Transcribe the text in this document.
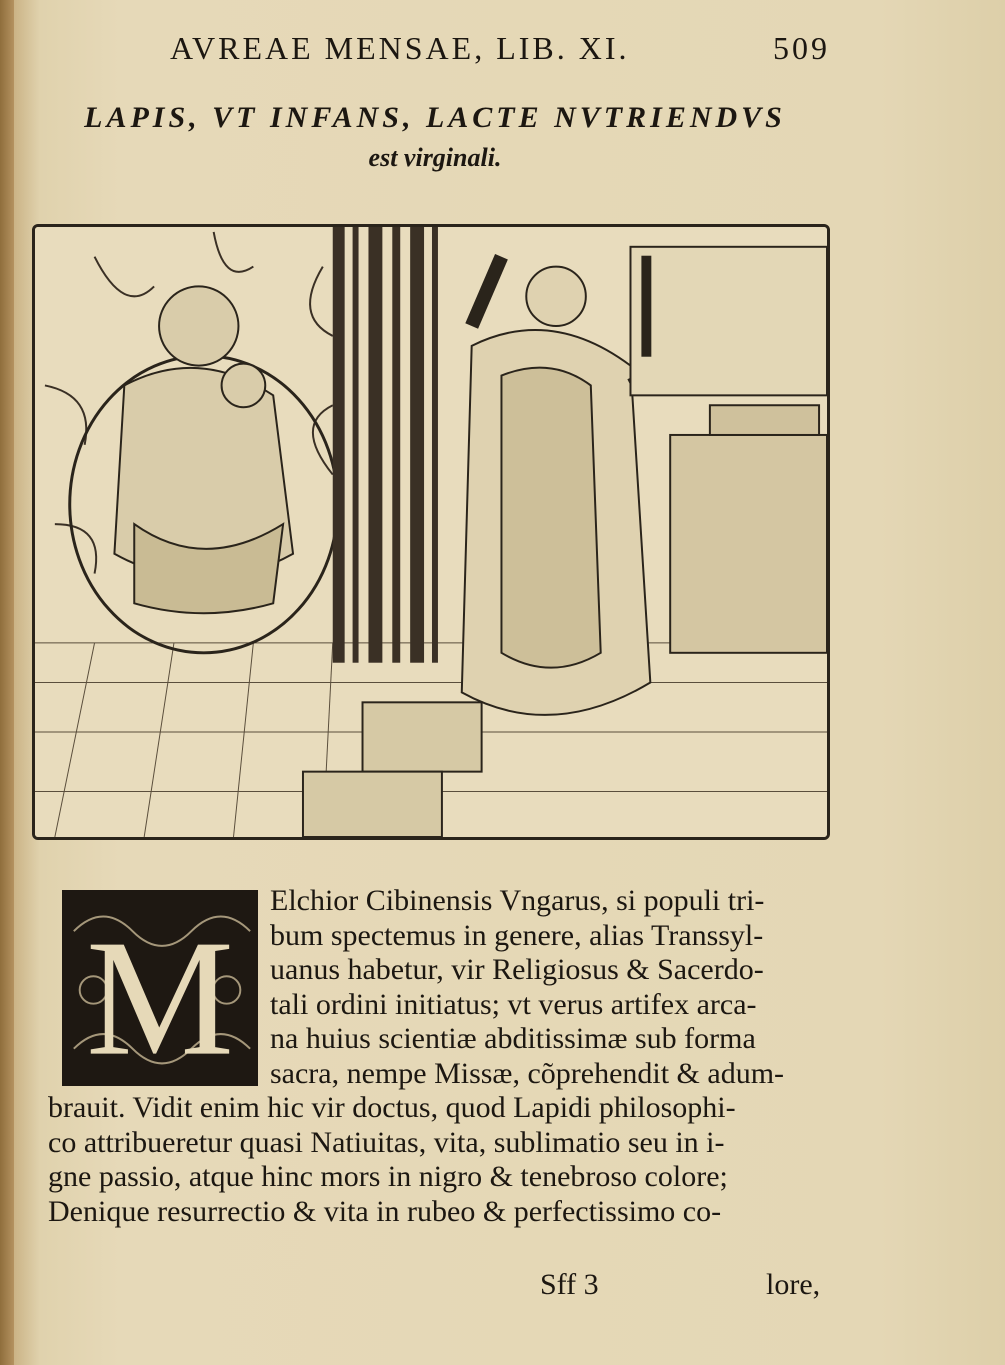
AVREAE MENSAE, LIB. XI.	509
LAPIS, VT INFANS, LACTE NVTRIENDVS
est virginali.
M
Elchior Cibinensis Vngarus, si populi tri-
bum spectemus in genere, alias Transsyl-
uanus habetur, vir Religiosus & Sacerdo-
tali ordini initiatus; vt verus artifex arca-
na huius scientiæ abditissimæ sub forma
sacra, nempe Missæ, cõprehendit & adum-
brauit. Vidit enim hic vir doctus, quod Lapidi philosophi-
co attribueretur quasi Natiuitas, vita, sublimatio seu in i-
gne passio, atque hinc mors in nigro & tenebroso colore;
Denique resurrectio & vita in rubeo & perfectissimo co-
Sff 3	lore,
